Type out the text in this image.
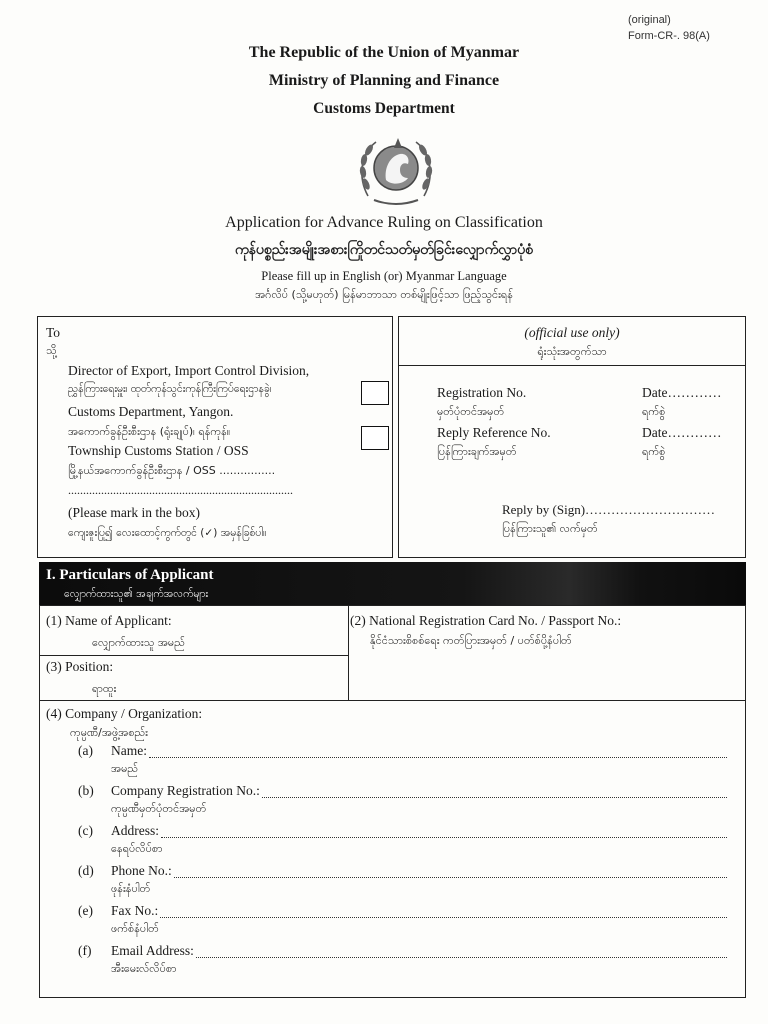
(original)
Form-CR-. 98(A)
The Republic of the Union of Myanmar
Ministry of Planning and Finance
Customs Department
Application for Advance Ruling on Classification
ကုန်ပစ္စည်းအမျိုးအစားကြိုတင်သတ်မှတ်ခြင်းလျှောက်လွှာပုံစံ
Please fill up in English (or) Myanmar Language
အင်္ဂလိပ် (သို့မဟုတ်) မြန်မာဘာသာ တစ်မျိုးဖြင့်သာ ဖြည့်သွင်းရန်
To
သို့
Director of Export, Import Control Division,
ညွှန်ကြားရေးမှူး၊ ထုတ်ကုန်သွင်းကုန်ကြီးကြပ်ရေးဌာနခွဲ၊
Customs Department, Yangon.
အကောက်ခွန်ဦးစီးဌာန (ရုံးချုပ်)၊ ရန်ကုန်။
Township Customs Station / OSS
မြို့နယ်အကောက်ခွန်ဦးစီးဌာန / OSS ................
...........................................................................
(Please mark in the box)
ကျေးဇူးပြု၍ လေးထောင့်ကွက်တွင် (✓) အမှန်ခြစ်ပါ။
(official use only)
ရုံးသုံးအတွက်သာ
Registration No.
မှတ်ပုံတင်အမှတ်
Date…………
ရက်စွဲ
Reply Reference No.
ပြန်ကြားချက်အမှတ်
Date…………
ရက်စွဲ
Reply by (Sign)…………………………
ပြန်ကြားသူ၏ လက်မှတ်
I. Particulars of Applicant
လျှောက်ထားသူ၏ အချက်အလက်များ
(1) Name of Applicant:
လျှောက်ထားသူ အမည်
(2) National Registration Card No. / Passport No.:
နိုင်ငံသားစိစစ်ရေး ကတ်ပြားအမှတ် / ပတ်စ်ပို့နံပါတ်
(3) Position:
ရာထူး
(4) Company / Organization:
ကုမ္ပဏီ/အဖွဲ့အစည်း
(a) Name:
အမည်
(b) Company Registration No.:
ကုမ္ပဏီမှတ်ပုံတင်အမှတ်
(c) Address:
နေရပ်လိပ်စာ
(d) Phone No.:
ဖုန်းနံပါတ်
(e) Fax No.:
ဖက်စ်နံပါတ်
(f) Email Address:
အီးမေးလ်လိပ်စာ
